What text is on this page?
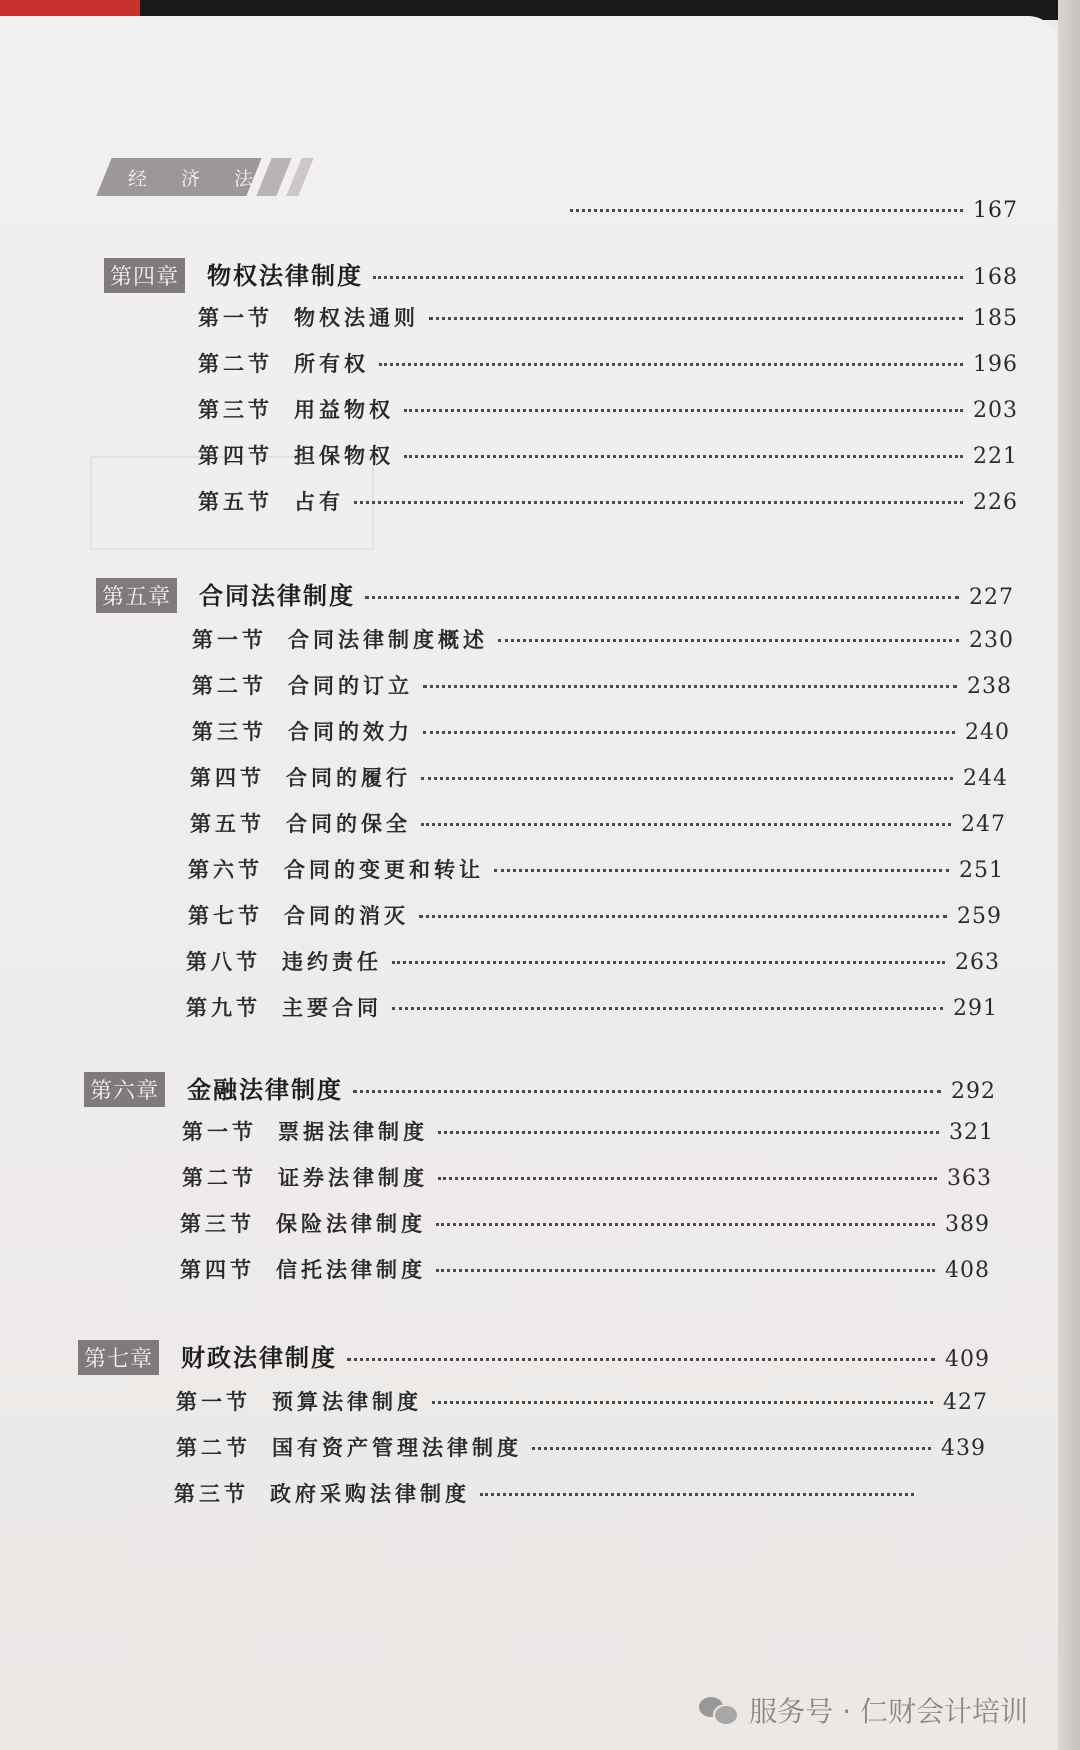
经 济 法
167
第四章 物权法律制度	168
第一节	物权法通则	185
第二节	所有权	196
第三节	用益物权	203
第四节	担保物权	221
第五节	占有	226
第五章 合同法律制度	227
第一节	合同法律制度概述	230
第二节	合同的订立	238
第三节	合同的效力	240
第四节	合同的履行	244
第五节	合同的保全	247
第六节	合同的变更和转让	251
第七节	合同的消灭	259
第八节	违约责任	263
第九节	主要合同	291
第六章 金融法律制度	292
第一节	票据法律制度	321
第二节	证券法律制度	363
第三节	保险法律制度	389
第四节	信托法律制度	408
第七章 财政法律制度	409
第一节	预算法律制度	427
第二节	国有资产管理法律制度	439
第三节	政府采购法律制度
服务号 · 仁财会计培训
